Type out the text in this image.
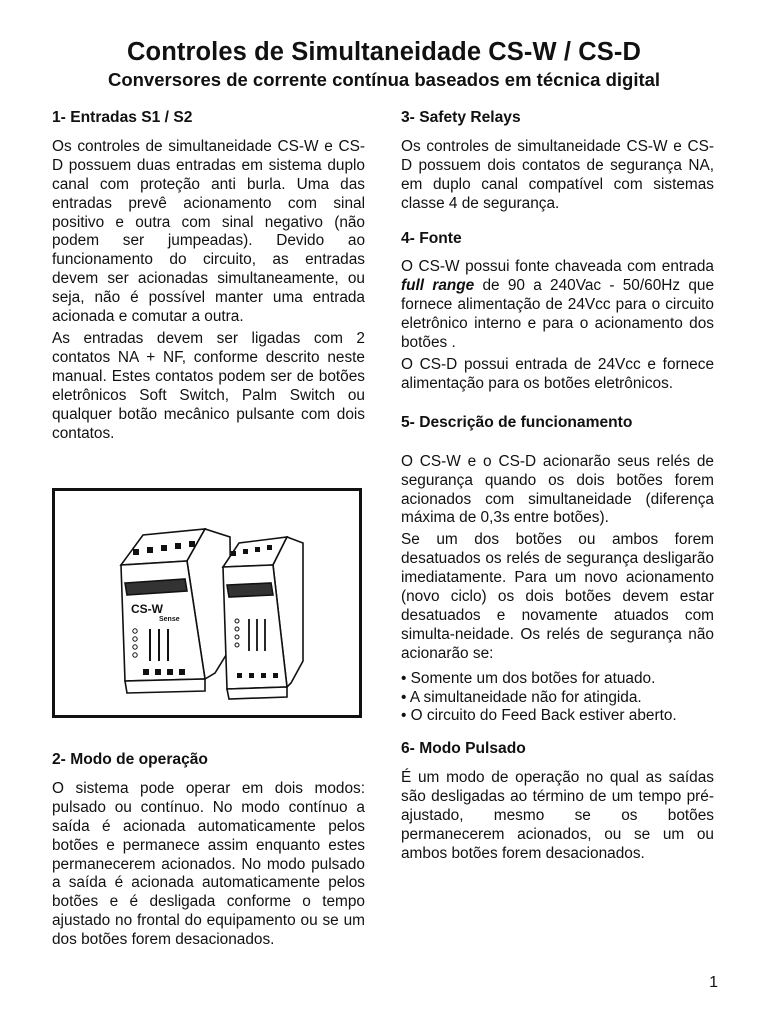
Controles de Simultaneidade CS-W / CS-D
Conversores de corrente contínua baseados em técnica digital
1- Entradas S1 / S2

Os controles de simultaneidade CS-W e CS-D possuem duas entradas em sistema duplo canal com proteção anti burla. Uma das entradas prevê acionamento com sinal positivo e outra com sinal negativo (não podem ser jumpeadas). Devido ao funcionamento do circuito, as entradas devem ser acionadas simultaneamente, ou seja, não é possível manter uma entrada acionada e comutar a outra.

As entradas devem ser ligadas com 2 contatos NA + NF, conforme descrito neste manual. Estes contatos podem ser de botões eletrônicos Soft Switch, Palm Switch ou qualquer botão mecânico pulsante com dois contatos.

CS-W
Sense
2- Modo de operação

O sistema pode operar em dois modos: pulsado ou contínuo. No modo contínuo a saída é acionada automaticamente pelos botões e permanece assim enquanto estes permanecerem acionados. No modo pulsado a saída é acionada automaticamente pelos botões e é desligada conforme o tempo ajustado no frontal do equipamento ou se um dos botões forem desacionados.

3- Safety Relays

Os controles de simultaneidade CS-W e CS-D possuem dois contatos de segurança NA, em duplo canal compatível com sistemas classe 4 de segurança.

4- Fonte

O CS-W possui fonte chaveada com entrada full range de 90 a 240Vac - 50/60Hz que fornece alimentação de 24Vcc para o circuito eletrônico interno e para o acionamento dos botões .

O CS-D possui entrada de 24Vcc e fornece alimentação para os botões eletrônicos.

5- Descrição de funcionamento

O CS-W e o CS-D acionarão seus relés de segurança quando os dois botões forem acionados com simultaneidade (diferença máxima de 0,3s entre botões).

Se um dos botões ou ambos forem desatuados os relés de segurança desligarão imediatamente. Para um novo acionamento (novo ciclo) os dois botões devem estar desatuados e novamente atuados com simulta-neidade. Os relés de segurança não acionarão se:

• Somente um dos botões for atuado.
• A simultaneidade não for atingida.
• O circuito do Feed Back estiver aberto.
6- Modo Pulsado

É um modo de operação no qual as saídas são desligadas ao término de um tempo pré-ajustado, mesmo se os botões permanecerem acionados, ou se um ou ambos botões forem desacionados.

1
